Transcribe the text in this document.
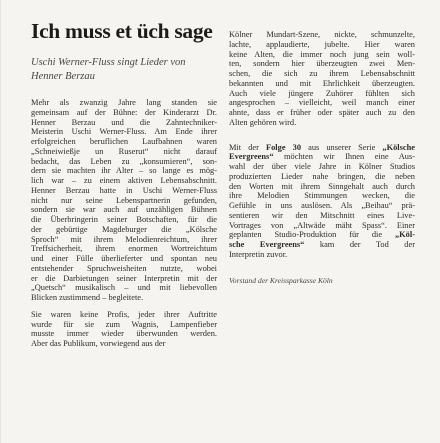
Ich muss et üch sage
Uschi Werner-Fluss singt Lieder von
Henner Berzau
Mehr als zwanzig Jahre lang standen sie
gemeinsam auf der Bühne: der Kinderarzt Dr.
Henner Berzau und die Zahntechniker-
Meisterin Uschi Werner-Fluss. Am Ende ihrer
erfolgreichen beruflichen Laufbahnen waren
„Schneiwießje un Ruserut“ nicht darauf
bedacht, das Leben zu „konsumieren“, son-
dern sie machten ihr Alter – so lange es mög-
lich war – zu einem aktiven Lebensabschnitt.
Henner Berzau hatte in Uschi Werner-Fluss
nicht nur seine Lebenspartnerin gefunden,
sondern sie war auch auf unzähligen Bühnen
die Überbringerin seiner Botschaften, für die
der gebürtige Magdeburger die „Kölsche
Sproch“ mit ihrem Melodienreichtum, ihrer
Treffsicherheit, ihrem enormen Wortreichtum
und einer Fülle überlieferter und spontan neu
entstehender Spruchweisheiten nutzte, wobei
er die Darbietungen seiner Interpretin mit der
„Quetsch“ musikalisch – und mit liebevollen
Blicken zustimmend – begleitete.
Sie waren keine Profis, jeder ihrer Auftritte
wurde für sie zum Wagnis, Lampenfieber
musste immer wieder überwunden werden.
Aber das Publikum, vorwiegend aus der
Kölner Mundart-Szene, nickte, schmunzelte,
lachte, applaudierte, jubelte. Hier waren
keine Alten, die immer noch jung sein woll-
ten, sondern hier überzeugten zwei Men-
schen, die sich zu ihrem Lebensabschnitt
bekannten und mit Ehrlichkeit überzeugten.
Auch viele jüngere Zuhörer fühlten sich
angesprochen – vielleicht, weil manch einer
ahnte, dass er früher oder später auch zu den
Alten gehören wird.
Mit der Folge 30 aus unserer Serie „Kölsche
Evergreens“ möchten wir Ihnen eine Aus-
wahl der über viele Jahre in Kölner Studios
produzierten Lieder nahe bringen, die neben
den Worten mit ihrem Sinngehalt auch durch
ihre Melodien Stimmungen wecken, die
Gefühle in uns auslösen. Als „Beihau“ prä-
sentieren wir den Mitschnitt eines Live-
Vortrages von „Altwäde mäht Spass“. Einer
geplanten Studio-Produktion für die „Köl-
sche Evergreens“ kam der Tod der
Interpretin zuvor.
Vorstand der Kreissparkasse Köln
